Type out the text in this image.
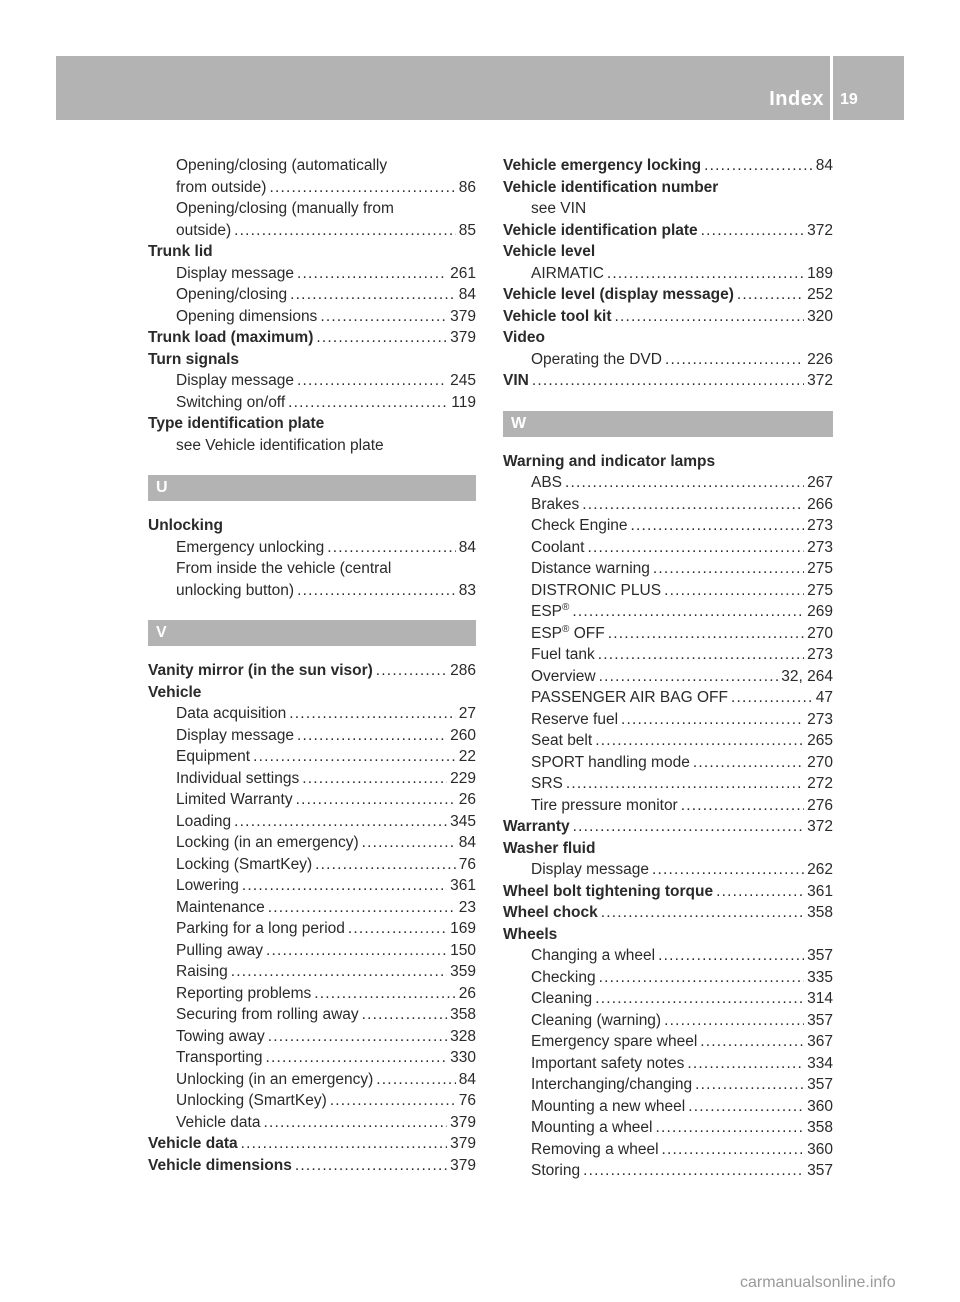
Index 19
Opening/closing (automatically
from outside) .....	86
Opening/closing (manually from
outside) .....	85
Trunk lid
Display message .....	261
Opening/closing .....	84
Opening dimensions .....	379
Trunk load (maximum) .....	379
Turn signals
Display message .....	245
Switching on/off .....	119
Type identification plate
see Vehicle identification plate
U
Unlocking
Emergency unlocking .....	84
From inside the vehicle (central
unlocking button) .....	83
V
Vanity mirror (in the sun visor) .....	286
Vehicle
Data acquisition .....	27
Display message .....	260
Equipment .....	22
Individual settings .....	229
Limited Warranty .....	26
Loading .....	345
Locking (in an emergency) .....	84
Locking (SmartKey) .....	76
Lowering .....	361
Maintenance .....	23
Parking for a long period .....	169
Pulling away .....	150
Raising .....	359
Reporting problems .....	26
Securing from rolling away .....	358
Towing away .....	328
Transporting .....	330
Unlocking (in an emergency) .....	84
Unlocking (SmartKey) .....	76
Vehicle data .....	379
Vehicle data .....	379
Vehicle dimensions .....	379
Vehicle emergency locking .....	84
Vehicle identification number
see VIN
Vehicle identification plate .....	372
Vehicle level
AIRMATIC .....	189
Vehicle level (display message) .....	252
Vehicle tool kit .....	320
Video
Operating the DVD .....	226
VIN .....	372
W
Warning and indicator lamps
ABS .....	267
Brakes .....	266
Check Engine .....	273
Coolant .....	273
Distance warning .....	275
DISTRONIC PLUS .....	275
ESP® .....	269
ESP® OFF .....	270
Fuel tank .....	273
Overview .....	32, 264
PASSENGER AIR BAG OFF .....	47
Reserve fuel .....	273
Seat belt .....	265
SPORT handling mode .....	270
SRS .....	272
Tire pressure monitor .....	276
Warranty .....	372
Washer fluid
Display message .....	262
Wheel bolt tightening torque .....	361
Wheel chock .....	358
Wheels
Changing a wheel .....	357
Checking .....	335
Cleaning .....	314
Cleaning (warning) .....	357
Emergency spare wheel .....	367
Important safety notes .....	334
Interchanging/changing .....	357
Mounting a new wheel .....	360
Mounting a wheel .....	358
Removing a wheel .....	360
Storing .....	357
carmanualsonline.info
